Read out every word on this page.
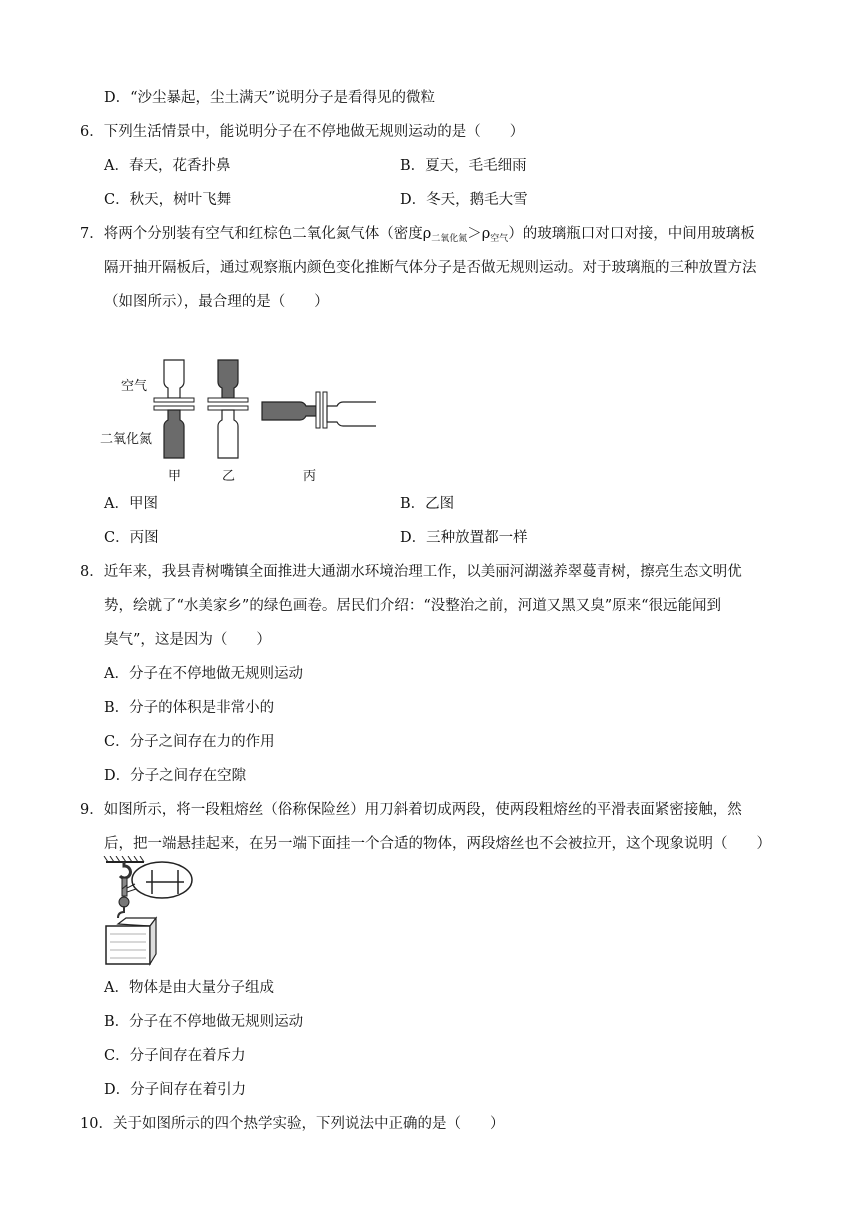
D．“沙尘暴起，尘土满天”说明分子是看得见的微粒
6．下列生活情景中，能说明分子在不停地做无规则运动的是（　　）
A．春天，花香扑鼻	B．夏天，毛毛细雨
C．秋天，树叶飞舞	D．冬天，鹅毛大雪
7．将两个分别装有空气和红棕色二氧化氮气体（密度$\rho_{二氧化氮}>\rho_{空气}$）的玻璃瓶口对口对接，中间用玻璃板
隔开抽开隔板后，通过观察瓶内颜色变化推断气体分子是否做无规则运动。对于玻璃瓶的三种放置方法
（如图所示），最合理的是（　　）
空气
二氧化氮
甲	乙	丙
A．甲图	B．乙图
C．丙图	D．三种放置都一样
8．近年来，我县青树嘴镇全面推进大通湖水环境治理工作，以美丽河湖滋养翠蔓青树，擦亮生态文明优
势，绘就了“水美家乡”的绿色画卷。居民们介绍：“没整治之前，河道又黑又臭”原来“很远能闻到
臭气”，这是因为（　　）
A．分子在不停地做无规则运动
B．分子的体积是非常小的
C．分子之间存在力的作用
D．分子之间存在空隙
9．如图所示，将一段粗熔丝（俗称保险丝）用刀斜着切成两段，使两段粗熔丝的平滑表面紧密接触，然
后，把一端悬挂起来，在另一端下面挂一个合适的物体，两段熔丝也不会被拉开，这个现象说明（　　）
A．物体是由大量分子组成
B．分子在不停地做无规则运动
C．分子间存在着斥力
D．分子间存在着引力
10．关于如图所示的四个热学实验，下列说法中正确的是（　　）
